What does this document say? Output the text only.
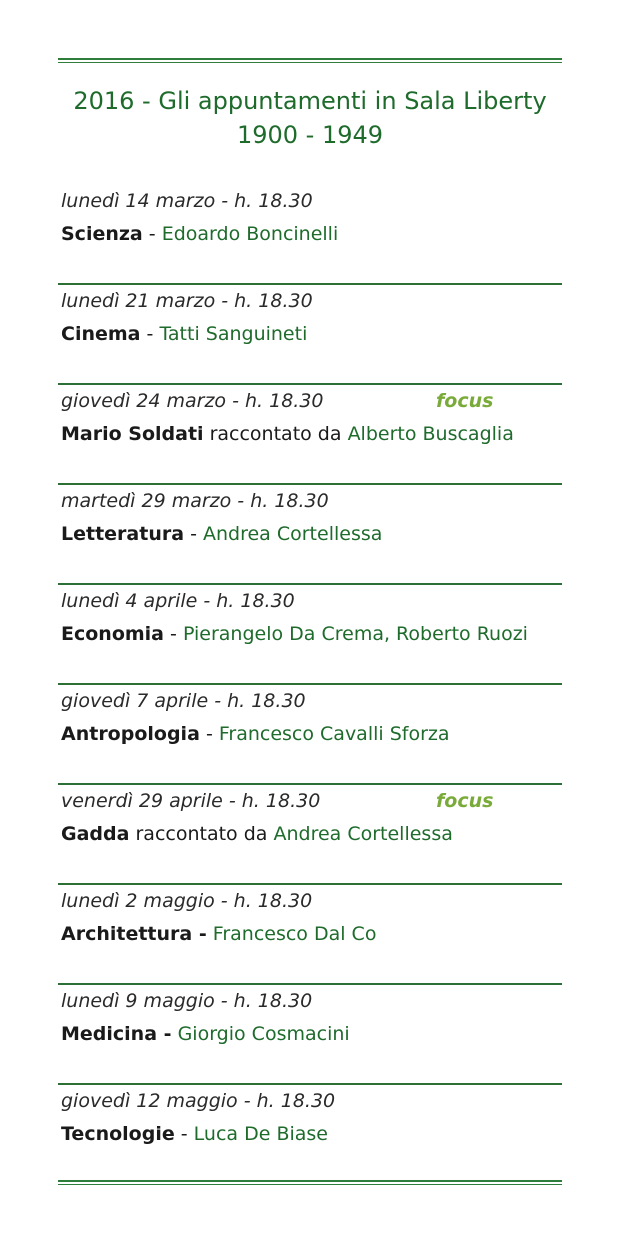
2016 - Gli appuntamenti in Sala Liberty
1900 - 1949
lunedì 14 marzo - h. 18.30
Scienza - Edoardo Boncinelli
lunedì 21 marzo - h. 18.30
Cinema - Tatti Sanguineti
giovedì 24 marzo - h. 18.30	focus
Mario Soldati raccontato da Alberto Buscaglia
martedì 29 marzo - h. 18.30
Letteratura - Andrea Cortellessa
lunedì 4 aprile - h. 18.30
Economia - Pierangelo Da Crema, Roberto Ruozi
giovedì 7 aprile - h. 18.30
Antropologia - Francesco Cavalli Sforza
venerdì 29 aprile - h. 18.30	focus
Gadda raccontato da Andrea Cortellessa
lunedì 2 maggio - h. 18.30
Architettura - Francesco Dal Co
lunedì 9 maggio - h. 18.30
Medicina - Giorgio Cosmacini
giovedì 12 maggio - h. 18.30
Tecnologie - Luca De Biase
